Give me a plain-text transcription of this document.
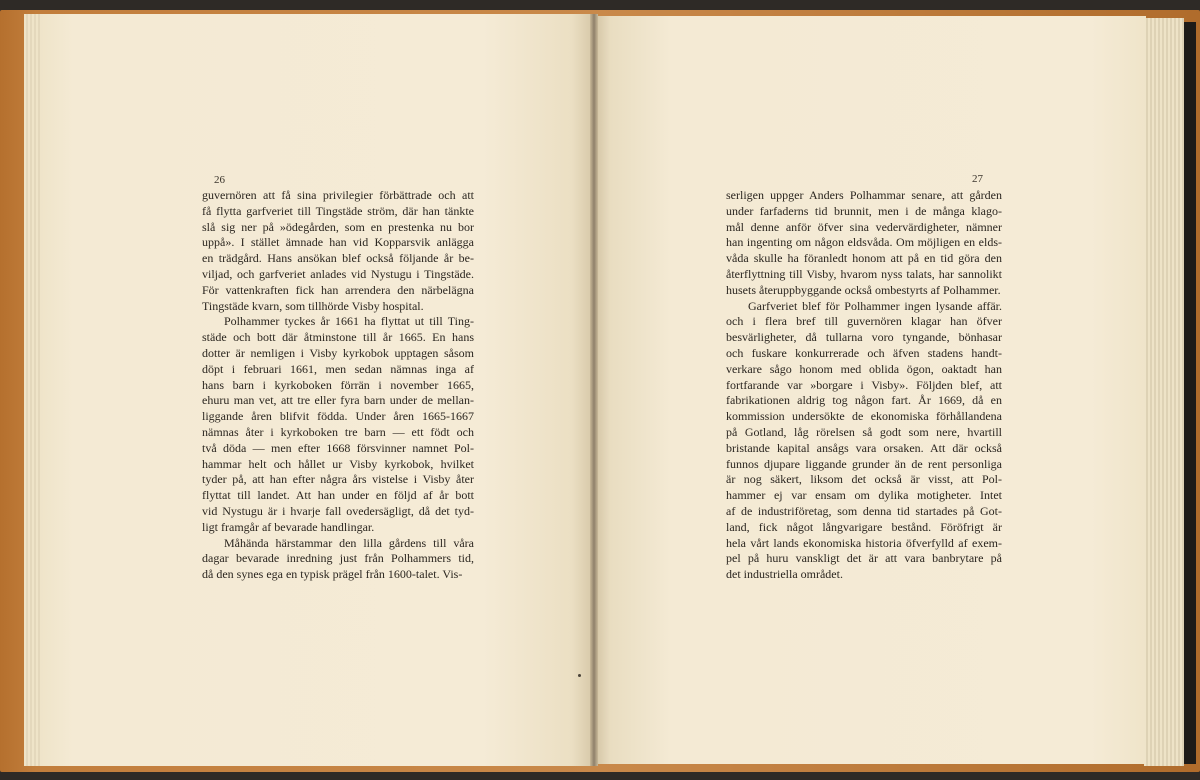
26

guvernören att få sina privilegier förbättrade och att
få flytta garfveriet till Tingstäde ström, där han tänkte
slå sig ner på »ödegården, som en prestenka nu bor
uppå». I stället ämnade han vid Kopparsvik anlägga
en trädgård. Hans ansökan blef också följande år be-
viljad, och garfveriet anlades vid Nystugu i Tingstäde.
För vattenkraften fick han arrendera den närbelägna
Tingstäde kvarn, som tillhörde Visby hospital.

Polhammer tyckes år 1661 ha flyttat ut till Ting-
städe och bott där åtminstone till år 1665. En hans
dotter är nemligen i Visby kyrkobok upptagen såsom
döpt i februari 1661, men sedan nämnas inga af
hans barn i kyrkoboken förrän i november 1665,
ehuru man vet, att tre eller fyra barn under de mellan-
liggande åren blifvit födda. Under åren 1665-1667
nämnas åter i kyrkoboken tre barn — ett födt och
två döda — men efter 1668 försvinner namnet Pol-
hammar helt och hållet ur Visby kyrkobok, hvilket
tyder på, att han efter några års vistelse i Visby åter
flyttat till landet. Att han under en följd af år bott
vid Nystugu är i hvarje fall ovedersägligt, då det tyd-
ligt framgår af bevarade handlingar.

Måhända härstammar den lilla gårdens till våra
dagar bevarade inredning just från Polhammers tid,
då den synes ega en typisk prägel från 1600-talet. Vis-

27

serligen uppger Anders Polhammar senare, att gården
under farfaderns tid brunnit, men i de många klago-
mål denne anför öfver sina vedervärdigheter, nämner
han ingenting om någon eldsvåda. Om möjligen en elds-
våda skulle ha föranledt honom att på en tid göra den
återflyttning till Visby, hvarom nyss talats, har sannolikt
husets återuppbyggande också ombestyrts af Polhammer.

Garfveriet blef för Polhammer ingen lysande affär.
och i flera bref till guvernören klagar han öfver
besvärligheter, då tullarna voro tyngande, bönhasar
och fuskare konkurrerade och äfven stadens handt-
verkare sågo honom med oblida ögon, oaktadt han
fortfarande var »borgare i Visby». Följden blef, att
fabrikationen aldrig tog någon fart. År 1669, då en
kommission undersökte de ekonomiska förhållandena
på Gotland, låg rörelsen så godt som nere, hvartill
bristande kapital ansågs vara orsaken. Att där också
funnos djupare liggande grunder än de rent personliga
är nog säkert, liksom det också är visst, att Pol-
hammer ej var ensam om dylika motigheter. Intet
af de industriföretag, som denna tid startades på Got-
land, fick något långvarigare bestånd. Föröfrigt är
hela vårt lands ekonomiska historia öfverfylld af exem-
pel på huru vanskligt det är att vara banbrytare på
det industriella området.
